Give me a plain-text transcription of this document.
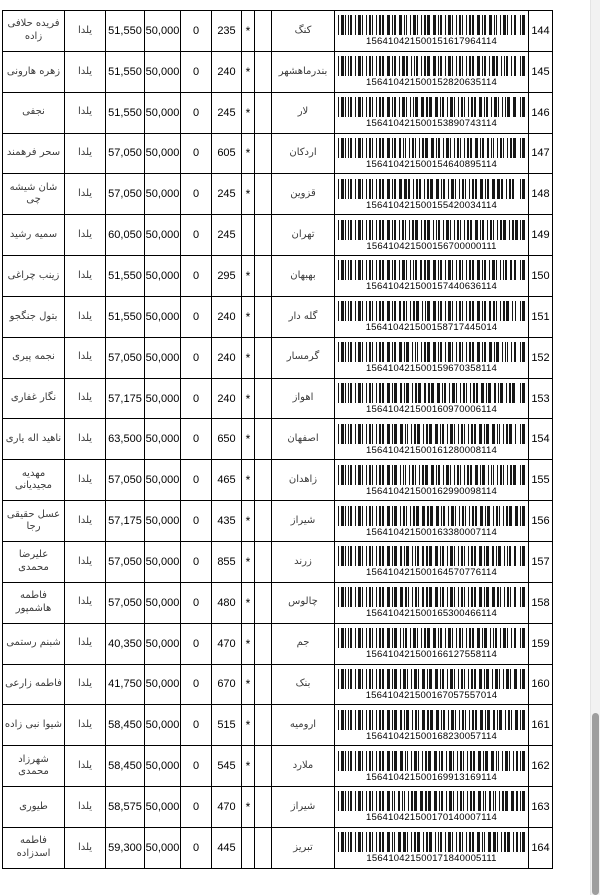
فریده حلافی زاده	یلدا	51,550	50,000	0	235	*		کنگ	156410421500151617964114	144
زهره هارونی	یلدا	51,550	50,000	0	240	*		بندرماهشهر	156410421500152820635114	145
نجفی	یلدا	51,550	50,000	0	245	*		لار	156410421500153890743114	146
سحر فرهمند	یلدا	57,050	50,000	0	605	*		اردکان	156410421500154640895114	147
شان شیشه چی	یلدا	57,050	50,000	0	245	*		قزوین	156410421500155420034114	148
سمیه رشید	یلدا	60,050	50,000	0	245			تهران	156410421500156700000111	149
زینب چراغی	یلدا	51,550	50,000	0	295	*		بهبهان	156410421500157440636114	150
بتول جنگجو	یلدا	51,550	50,000	0	240	*		گله دار	156410421500158717445014	151
نجمه پیری	یلدا	57,050	50,000	0	240	*		گرمسار	156410421500159670358114	152
نگار غفاری	یلدا	57,175	50,000	0	240	*		اهواز	156410421500160970006114	153
ناهید اله یاری	یلدا	63,500	50,000	0	650	*		اصفهان	156410421500161280008114	154
مهدیه مجیدیانی	یلدا	57,050	50,000	0	465	*		زاهدان	156410421500162990098114	155
عسل حقیقی رجا	یلدا	57,175	50,000	0	435	*		شیراز	156410421500163380007114	156
علیرضا محمدی	یلدا	57,050	50,000	0	855	*		زرند	156410421500164570776114	157
فاطمه هاشمپور	یلدا	57,050	50,000	0	480	*		چالوس	156410421500165300466114	158
شبنم رستمی	یلدا	40,350	50,000	0	470	*		جم	156410421500166127558114	159
فاطمه زارعی	یلدا	41,750	50,000	0	670	*		بنک	156410421500167057557014	160
شیوا نبی زاده	یلدا	58,450	50,000	0	515	*		ارومیه	156410421500168230057114	161
شهرزاد محمدی	یلدا	58,450	50,000	0	545	*		ملارد	156410421500169913169114	162
طیوری	یلدا	58,575	50,000	0	470	*		شیراز	156410421500170140007114	163
فاطمه اسدزاده	یلدا	59,300	50,000	0	445			تبریز	156410421500171840005111	164
